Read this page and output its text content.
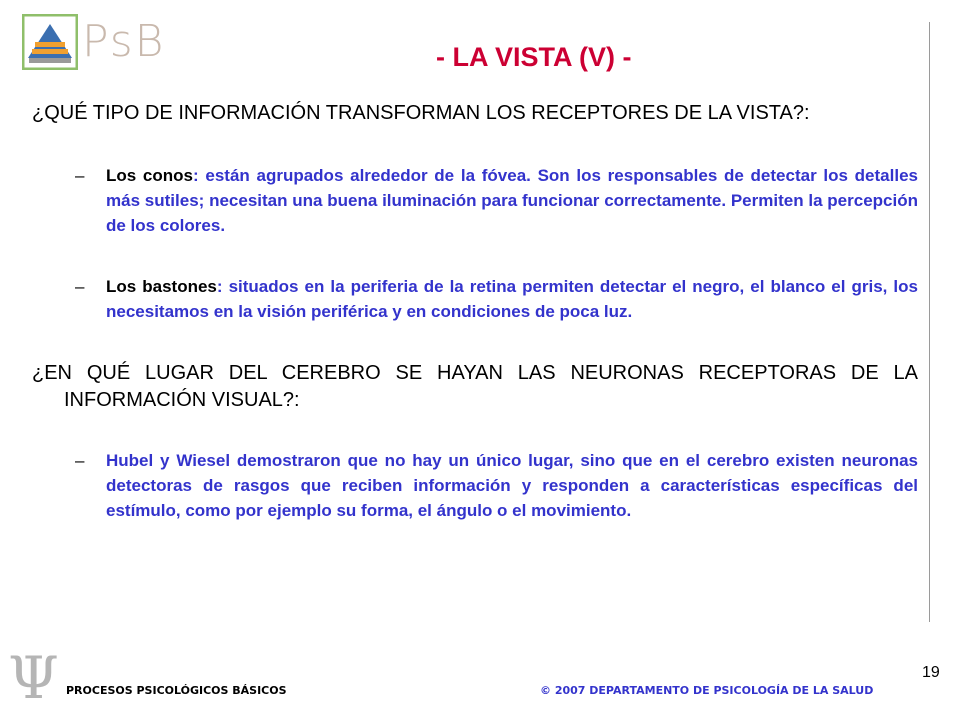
PsB	- LA VISTA (V) -

¿QUÉ TIPO DE INFORMACIÓN TRANSFORMAN LOS RECEPTORES DE LA VISTA?:

– Los conos: están agrupados alrededor de la fóvea. Son los responsables de detectar los detalles más sutiles; necesitan una buena iluminación para funcionar correctamente. Permiten la percepción de los colores.

– Los bastones: situados en la periferia de la retina permiten detectar el negro, el blanco el gris, los necesitamos en la visión periférica y en condiciones de poca luz.

¿EN QUÉ LUGAR DEL CEREBRO SE HAYAN LAS NEURONAS RECEPTORAS DE LA INFORMACIÓN VISUAL?:

– Hubel y Wiesel demostraron que no hay un único lugar, sino que en el cerebro existen neuronas detectoras de rasgos que reciben información y responden a características específicas del estímulo, como por ejemplo su forma, el ángulo o el movimiento.

Ψ PROCESOS PSICOLÓGICOS BÁSICOS	© 2007 DEPARTAMENTO DE PSICOLOGÍA DE LA SALUD
19
